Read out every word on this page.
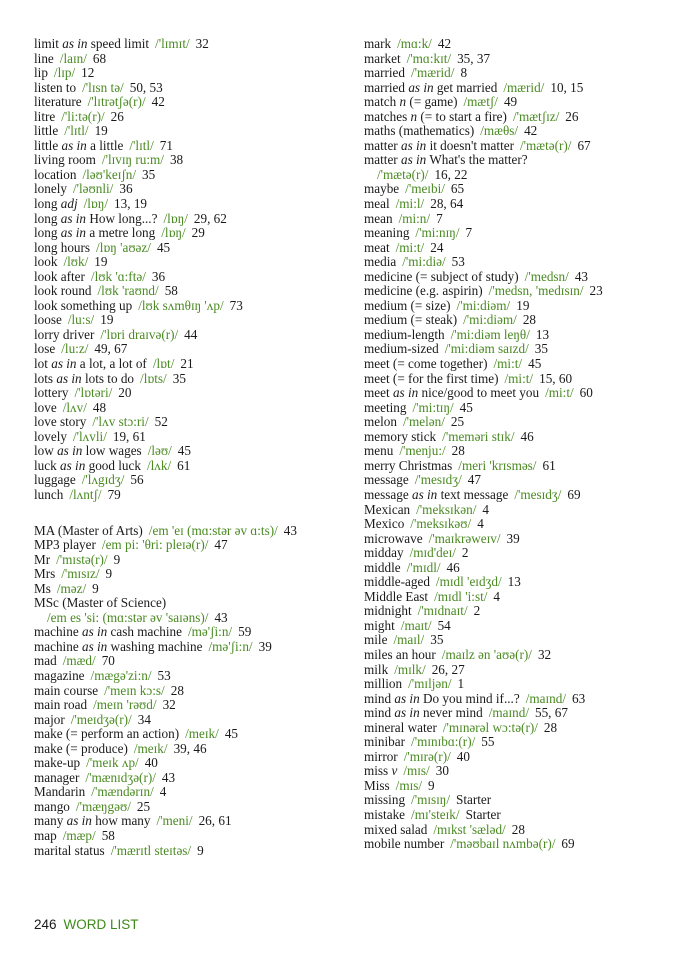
limit as in speed limit /'lɪmɪt/ 32
line /laɪn/ 68
lip /lɪp/ 12
listen to /'lɪsn tə/ 50, 53
literature /'lɪtrətʃə(r)/ 42
litre /'li:tə(r)/ 26
little /'lɪtl/ 19
little as in a little /'lɪtl/ 71
living room /'lɪvɪŋ ru:m/ 38
location /ləʊ'keɪʃn/ 35
lonely /'ləʊnli/ 36
long adj /lɒŋ/ 13, 19
long as in How long...? /lɒŋ/ 29, 62
long as in a metre long /lɒŋ/ 29
long hours /lɒŋ 'aʊəz/ 45
look /lʊk/ 19
look after /lʊk 'ɑ:ftə/ 36
look round /lʊk 'raʊnd/ 58
look something up /lʊk sʌmθɪŋ 'ʌp/ 73
loose /lu:s/ 19
lorry driver /'lɒri draɪvə(r)/ 44
lose /lu:z/ 49, 67
lot as in a lot, a lot of /lɒt/ 21
lots as in lots to do /lɒts/ 35
lottery /'lɒtəri/ 20
love /lʌv/ 48
love story /'lʌv stɔ:ri/ 52
lovely /'lʌvli/ 19, 61
low as in low wages /ləʊ/ 45
luck as in good luck /lʌk/ 61
luggage /'lʌgɪdʒ/ 56
lunch /lʌntʃ/ 79
MA (Master of Arts) /em 'eɪ (mɑ:stər əv ɑ:ts)/ 43
MP3 player /em pi: 'θri: pleɪə(r)/ 47
Mr /'mɪstə(r)/ 9
Mrs /'mɪsɪz/ 9
Ms /məz/ 9
MSc (Master of Science)
/em es 'si: (mɑ:stər əv 'saɪəns)/ 43
machine as in cash machine /mə'ʃi:n/ 59
machine as in washing machine /mə'ʃi:n/ 39
mad /mæd/ 70
magazine /mægə'zi:n/ 53
main course /'meɪn kɔ:s/ 28
main road /meɪn 'rəʊd/ 32
major /'meɪdʒə(r)/ 34
make (= perform an action) /meɪk/ 45
make (= produce) /meɪk/ 39, 46
make-up /'meɪk ʌp/ 40
manager /'mænɪdʒə(r)/ 43
Mandarin /'mændərɪn/ 4
mango /'mæŋgəʊ/ 25
many as in how many /'meni/ 26, 61
map /mæp/ 58
marital status /'mærɪtl steɪtəs/ 9
mark /mɑ:k/ 42
market /'mɑ:kɪt/ 35, 37
married /'mærid/ 8
married as in get married /mærid/ 10, 15
match n (= game) /mætʃ/ 49
matches n (= to start a fire) /'mætʃɪz/ 26
maths (mathematics) /mæθs/ 42
matter as in it doesn't matter /'mætə(r)/ 67
matter as in What's the matter?
/'mætə(r)/ 16, 22
maybe /'meɪbi/ 65
meal /mi:l/ 28, 64
mean /mi:n/ 7
meaning /'mi:nɪŋ/ 7
meat /mi:t/ 24
media /'mi:diə/ 53
medicine (= subject of study) /'medsn/ 43
medicine (e.g. aspirin) /'medsn, 'medɪsɪn/ 23
medium (= size) /'mi:diəm/ 19
medium (= steak) /'mi:diəm/ 28
medium-length /'mi:diəm leŋθ/ 13
medium-sized /'mi:diəm saɪzd/ 35
meet (= come together) /mi:t/ 45
meet (= for the first time) /mi:t/ 15, 60
meet as in nice/good to meet you /mi:t/ 60
meeting /'mi:tɪŋ/ 45
melon /'melən/ 25
memory stick /'meməri stɪk/ 46
menu /'menju:/ 28
merry Christmas /meri 'krɪsməs/ 61
message /'mesɪdʒ/ 47
message as in text message /'mesɪdʒ/ 69
Mexican /'meksɪkən/ 4
Mexico /'meksɪkəʊ/ 4
microwave /'maɪkrəweɪv/ 39
midday /mɪd'deɪ/ 2
middle /'mɪdl/ 46
middle-aged /mɪdl 'eɪdʒd/ 13
Middle East /mɪdl 'i:st/ 4
midnight /'mɪdnaɪt/ 2
might /maɪt/ 54
mile /maɪl/ 35
miles an hour /maɪlz ən 'aʊə(r)/ 32
milk /mɪlk/ 26, 27
million /'mɪljən/ 1
mind as in Do you mind if...? /maɪnd/ 63
mind as in never mind /maɪnd/ 55, 67
mineral water /'mɪnərəl wɔ:tə(r)/ 28
minibar /'mɪnɪbɑ:(r)/ 55
mirror /'mɪrə(r)/ 40
miss v /mɪs/ 30
Miss /mɪs/ 9
missing /'mɪsɪŋ/ Starter
mistake /mɪ'steɪk/ Starter
mixed salad /mɪkst 'sæləd/ 28
mobile number /'məʊbaɪl nʌmbə(r)/ 69
246 WORD LIST
